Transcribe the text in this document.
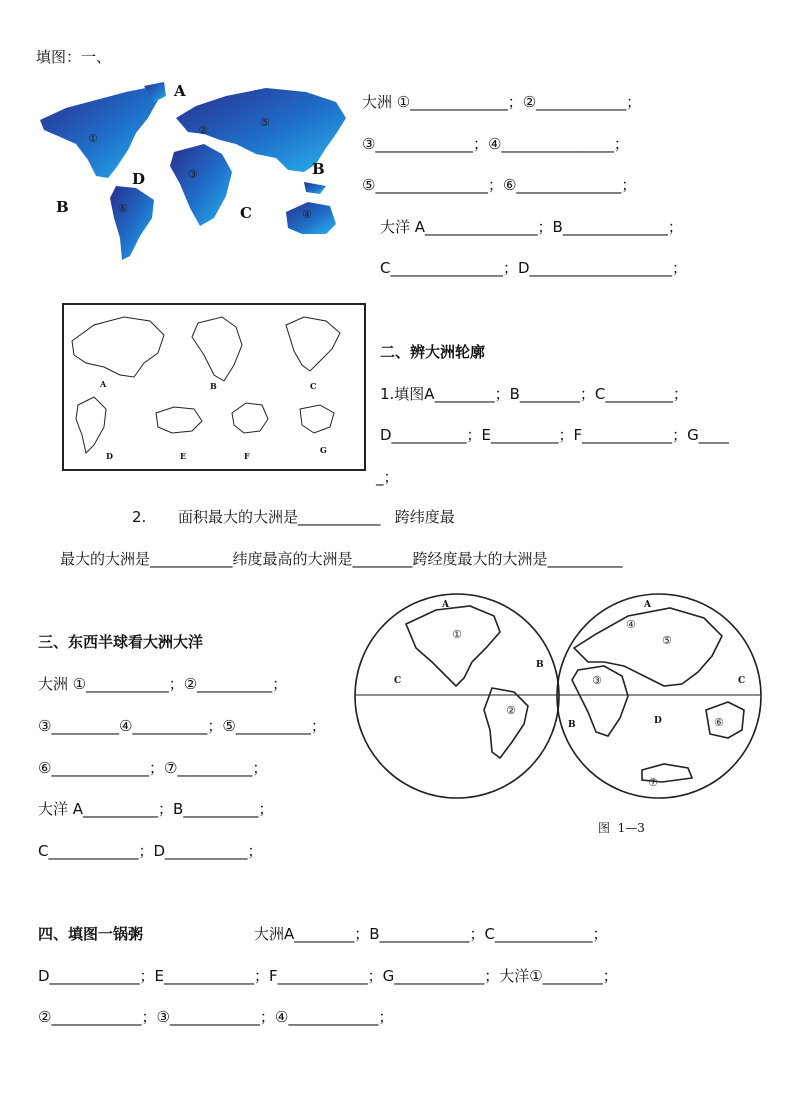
填图：一、
A
B
B
C
D
①
②
③
④
⑤
⑥
大洲 ①_____________；②____________；
③_____________；④_______________；
⑤_______________；⑥______________；
大洋 A_______________；B______________；
C_______________；D___________________；
A	B	C
D	E	F
G
二、辨大洲轮廓
1.填图A________；B________；C_________；
D__________；E_________；F____________；G____
_；
2. 面积最大的大洲是___________   跨纬度最
最大的大洲是___________纬度最高的大洲是________跨经度最大的大洲是__________
三、东西半球看大洲大洋
大洲 ①___________；②__________；
③_________④__________；⑤__________；
⑥_____________；⑦__________；
大洋 A__________；B__________；
C____________；D___________；
A	A
B
B
C	C
D
①
②
③
④
⑤
⑥
⑦
图  1—3
四、填图一锅粥	大洲A________；B____________；C_____________；
D____________；E____________；F____________；G____________；大洋①________；
②____________；③____________；④____________；
